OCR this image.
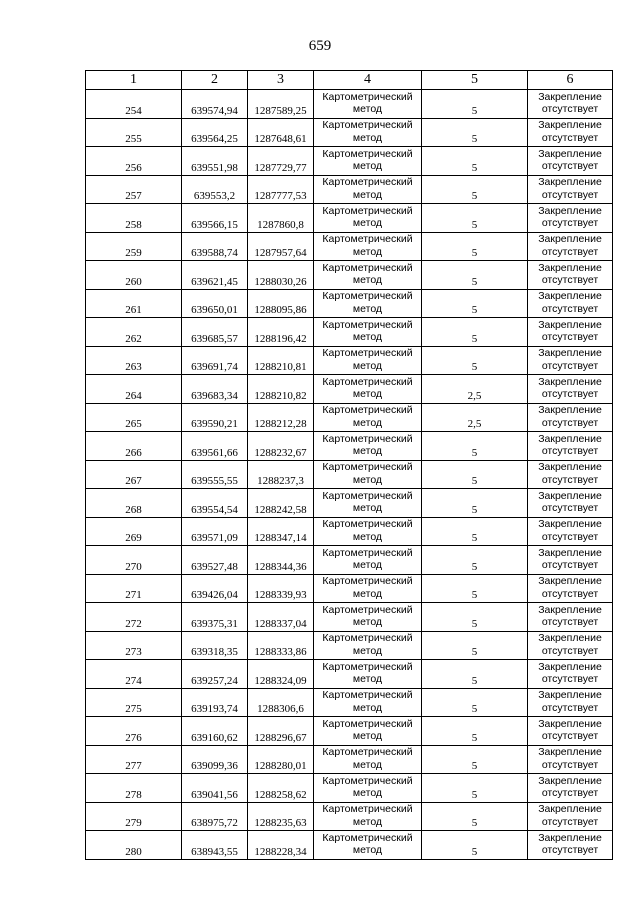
659
1	2	3	4	5	6
254	639574,94	1287589,25	Картометрический метод	5	Закрепление отсутствует
255	639564,25	1287648,61	Картометрический метод	5	Закрепление отсутствует
256	639551,98	1287729,77	Картометрический метод	5	Закрепление отсутствует
257	639553,2	1287777,53	Картометрический метод	5	Закрепление отсутствует
258	639566,15	1287860,8	Картометрический метод	5	Закрепление отсутствует
259	639588,74	1287957,64	Картометрический метод	5	Закрепление отсутствует
260	639621,45	1288030,26	Картометрический метод	5	Закрепление отсутствует
261	639650,01	1288095,86	Картометрический метод	5	Закрепление отсутствует
262	639685,57	1288196,42	Картометрический метод	5	Закрепление отсутствует
263	639691,74	1288210,81	Картометрический метод	5	Закрепление отсутствует
264	639683,34	1288210,82	Картометрический метод	2,5	Закрепление отсутствует
265	639590,21	1288212,28	Картометрический метод	2,5	Закрепление отсутствует
266	639561,66	1288232,67	Картометрический метод	5	Закрепление отсутствует
267	639555,55	1288237,3	Картометрический метод	5	Закрепление отсутствует
268	639554,54	1288242,58	Картометрический метод	5	Закрепление отсутствует
269	639571,09	1288347,14	Картометрический метод	5	Закрепление отсутствует
270	639527,48	1288344,36	Картометрический метод	5	Закрепление отсутствует
271	639426,04	1288339,93	Картометрический метод	5	Закрепление отсутствует
272	639375,31	1288337,04	Картометрический метод	5	Закрепление отсутствует
273	639318,35	1288333,86	Картометрический метод	5	Закрепление отсутствует
274	639257,24	1288324,09	Картометрический метод	5	Закрепление отсутствует
275	639193,74	1288306,6	Картометрический метод	5	Закрепление отсутствует
276	639160,62	1288296,67	Картометрический метод	5	Закрепление отсутствует
277	639099,36	1288280,01	Картометрический метод	5	Закрепление отсутствует
278	639041,56	1288258,62	Картометрический метод	5	Закрепление отсутствует
279	638975,72	1288235,63	Картометрический метод	5	Закрепление отсутствует
280	638943,55	1288228,34	Картометрический метод	5	Закрепление отсутствует
